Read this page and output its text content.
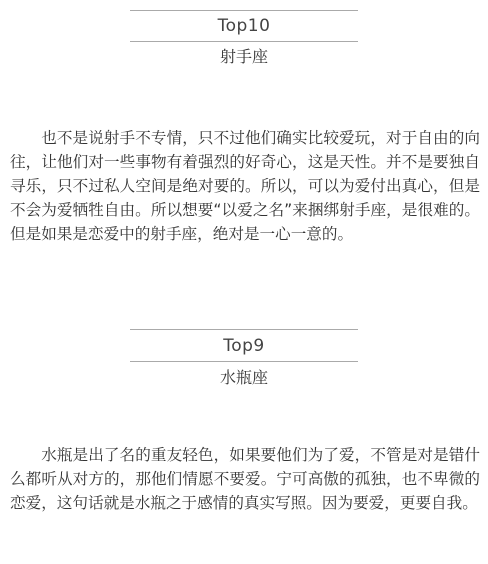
Top10
射手座

也不是说射手不专情，只不过他们确实比较爱玩，对于自由的向往，让他们对一些事物有着强烈的好奇心，这是天性。并不是要独自寻乐，只不过私人空间是绝对要的。所以，可以为爱付出真心，但是不会为爱牺牲自由。所以想要“以爱之名”来捆绑射手座，是很难的。但是如果是恋爱中的射手座，绝对是一心一意的。

Top9
水瓶座

水瓶是出了名的重友轻色，如果要他们为了爱，不管是对是错什么都听从对方的，那他们情愿不要爱。宁可高傲的孤独，也不卑微的恋爱，这句话就是水瓶之于感情的真实写照。因为要爱，更要自我。
